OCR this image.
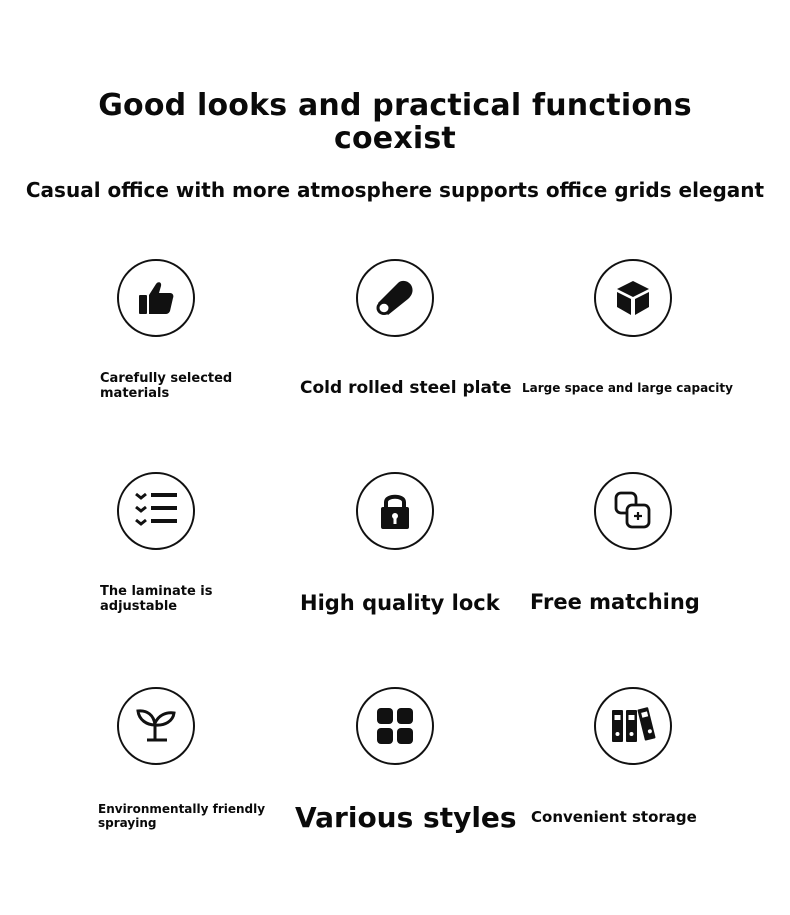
Good looks and practical functions
coexist
Casual office with more atmosphere supports office grids elegant
Carefully selected
materials	Cold rolled steel plate Large space and large capacity
The laminate is
adjustable	High quality lock Free matching
Environmentally friendly
spraying	Various styles Convenient storage
